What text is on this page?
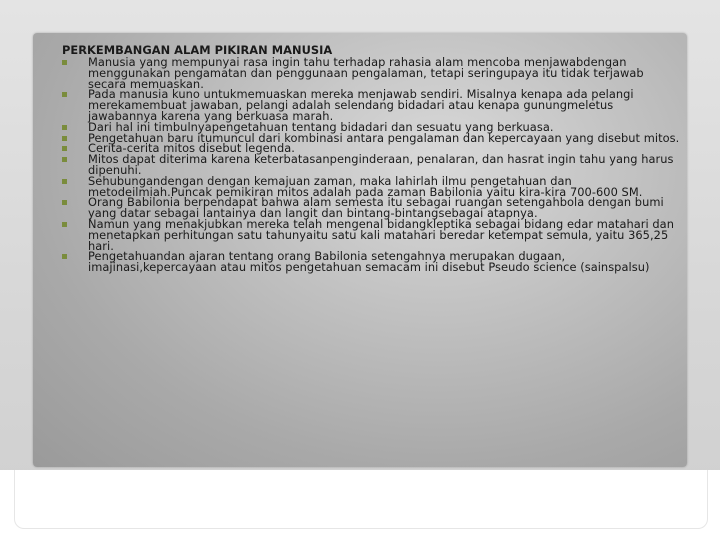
PERKEMBANGAN ALAM PIKIRAN MANUSIA
Manusia yang mempunyai rasa ingin tahu terhadap rahasia alam mencoba menjawabdengan menggunakan pengamatan dan penggunaan pengalaman, tetapi seringupaya itu tidak terjawab secara memuaskan.
Pada manusia kuno untukmemuaskan mereka menjawab sendiri. Misalnya kenapa ada pelangi merekamembuat jawaban, pelangi adalah selendang bidadari atau kenapa gunungmeletus jawabannya karena yang berkuasa marah.
Dari hal ini timbulnyapengetahuan tentang bidadari dan sesuatu yang berkuasa.
Pengetahuan baru itumuncul dari kombinasi antara pengalaman dan kepercayaan yang disebut mitos.
Cerita-cerita mitos disebut legenda.
Mitos dapat diterima karena keterbatasanpenginderaan, penalaran, dan hasrat ingin tahu yang harus dipenuhi.
Sehubungandengan dengan kemajuan zaman, maka lahirlah ilmu pengetahuan dan metodeilmiah.Puncak pemikiran mitos adalah pada zaman Babilonia yaitu kira-kira 700-600 SM.
Orang Babilonia berpendapat bahwa alam semesta itu sebagai ruangan setengahbola dengan bumi yang datar sebagai lantainya dan langit dan bintang-bintangsebagai atapnya.
Namun yang menakjubkan mereka telah mengenal bidangkleptika sebagai bidang edar matahari dan menetapkan perhitungan satu tahunyaitu satu kali matahari beredar ketempat semula, yaitu 365,25 hari.
Pengetahuandan ajaran tentang orang Babilonia setengahnya merupakan dugaan, imajinasi,kepercayaan atau mitos pengetahuan semacam ini disebut Pseudo science (sainspalsu)
